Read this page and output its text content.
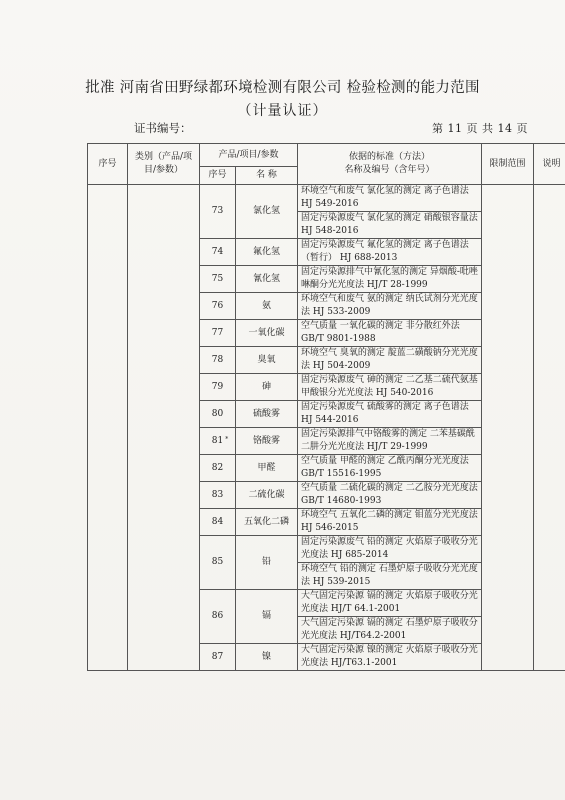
批准 河南省田野绿都环境检测有限公司 检验检测的能力范围
（计量认证）
证书编号：	第 11 页 共 14 页
序号	类别（产品/项目/参数）	产品/项目/参数		依据的标准（方法）
名称及编号（含年号）	限制范围	说明
		序号	名 称			
		73	氯化氢	环境空气和废气 氯化氢的测定 离子色谱法 HJ 549-2016		
				固定污染源废气 氯化氢的测定 硝酸银容量法 HJ 548-2016		
		74	氟化氢	固定污染源废气 氟化氢的测定 离子色谱法（暂行） HJ 688-2013		
		75	氰化氢	固定污染源排气中氰化氢的测定 异烟酸-吡唑啉酮分光光度法 HJ/T 28-1999		
		76	氨	环境空气和废气 氨的测定 纳氏试剂分光光度法 HJ 533-2009		
		77	一氧化碳	空气质量 一氧化碳的测定 非分散红外法 GB/T 9801-1988		
		78	臭氧	环境空气 臭氧的测定 靛蓝二磺酸钠分光光度法 HJ 504-2009		
		79	砷	固定污染源废气 砷的测定 二乙基二硫代氨基甲酸银分光光度法 HJ 540-2016		
		80	硫酸雾	固定污染源废气 硫酸雾的测定 离子色谱法 HJ 544-2016		
		81 *	铬酸雾	固定污染源排气中铬酸雾的测定 二苯基碳酰二肼分光光度法 HJ/T 29-1999		
		82	甲醛	空气质量 甲醛的测定 乙酰丙酮分光光度法 GB/T 15516-1995		
		83	二硫化碳	空气质量 二硫化碳的测定 二乙胺分光光度法 GB/T 14680-1993		
		84	五氧化二磷	环境空气 五氧化二磷的测定 钼蓝分光光度法 HJ 546-2015		
		85	铅	固定污染源废气 铅的测定 火焰原子吸收分光光度法 HJ 685-2014		
				环境空气 铅的测定 石墨炉原子吸收分光光度法 HJ 539-2015		
		86	镉	大气固定污染源 镉的测定 火焰原子吸收分光光度法 HJ/T 64.1-2001		
				大气固定污染源 镉的测定 石墨炉原子吸收分光光度法 HJ/T64.2-2001		
		87	镍	大气固定污染源 镍的测定 火焰原子吸收分光光度法 HJ/T63.1-2001		
